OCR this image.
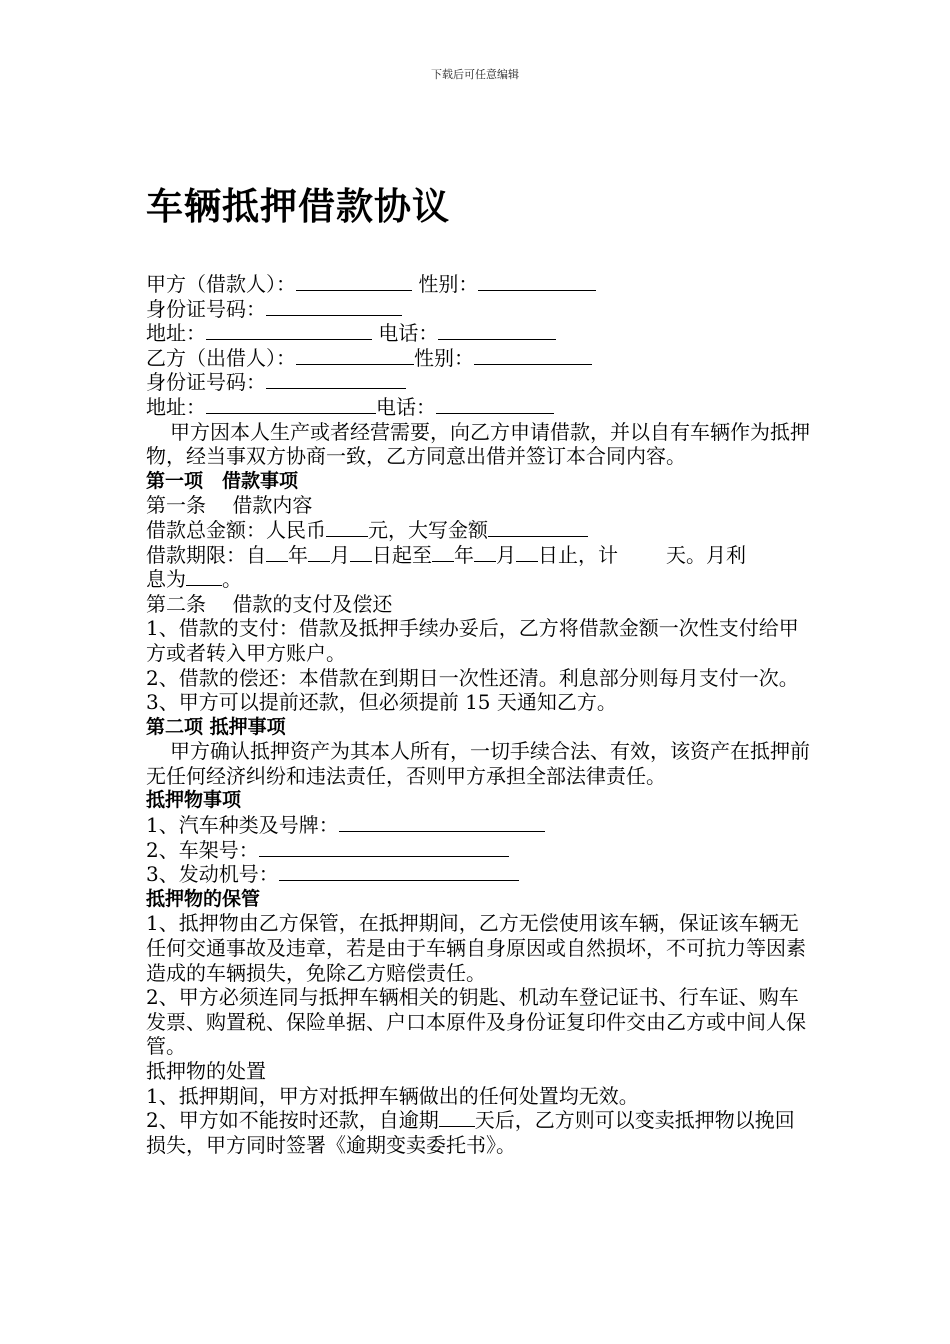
下载后可任意编辑
车辆抵押借款协议
甲方（借款人）：	性别：
身份证号码：
地址：	电话：
乙方（出借人）：	性别：
身份证号码：
地址：	电话：
甲方因本人生产或者经营需要，向乙方申请借款，并以自有车辆作为抵押物，经当事双方协商一致，乙方同意出借并签订本合同内容。
第一项　借款事项
第一条　 借款内容
借款总金额：人民币 元，大写金额
借款期限：自 年 月 日起至 年 月 日止，计 天。月利
息为 。
第二条　 借款的支付及偿还
1、借款的支付：借款及抵押手续办妥后，乙方将借款金额一次性支付给甲方或者转入甲方账户。
2、借款的偿还：本借款在到期日一次性还清。利息部分则每月支付一次。
3、甲方可以提前还款，但必须提前 15 天通知乙方。
第二项 抵押事项
甲方确认抵押资产为其本人所有，一切手续合法、有效，该资产在抵押前无任何经济纠纷和违法责任，否则甲方承担全部法律责任。
抵押物事项
1、汽车种类及号牌：
2、车架号：
3、发动机号：
抵押物的保管
1、抵押物由乙方保管，在抵押期间，乙方无偿使用该车辆，保证该车辆无任何交通事故及违章，若是由于车辆自身原因或自然损坏，不可抗力等因素造成的车辆损失，免除乙方赔偿责任。
2、甲方必须连同与抵押车辆相关的钥匙、机动车登记证书、行车证、购车发票、购置税、保险单据、户口本原件及身份证复印件交由乙方或中间人保管。
抵押物的处置
1、抵押期间，甲方对抵押车辆做出的任何处置均无效。
2、甲方如不能按时还款，自逾期 天后，乙方则可以变卖抵押物以挽回损失，甲方同时签署《逾期变卖委托书》。
